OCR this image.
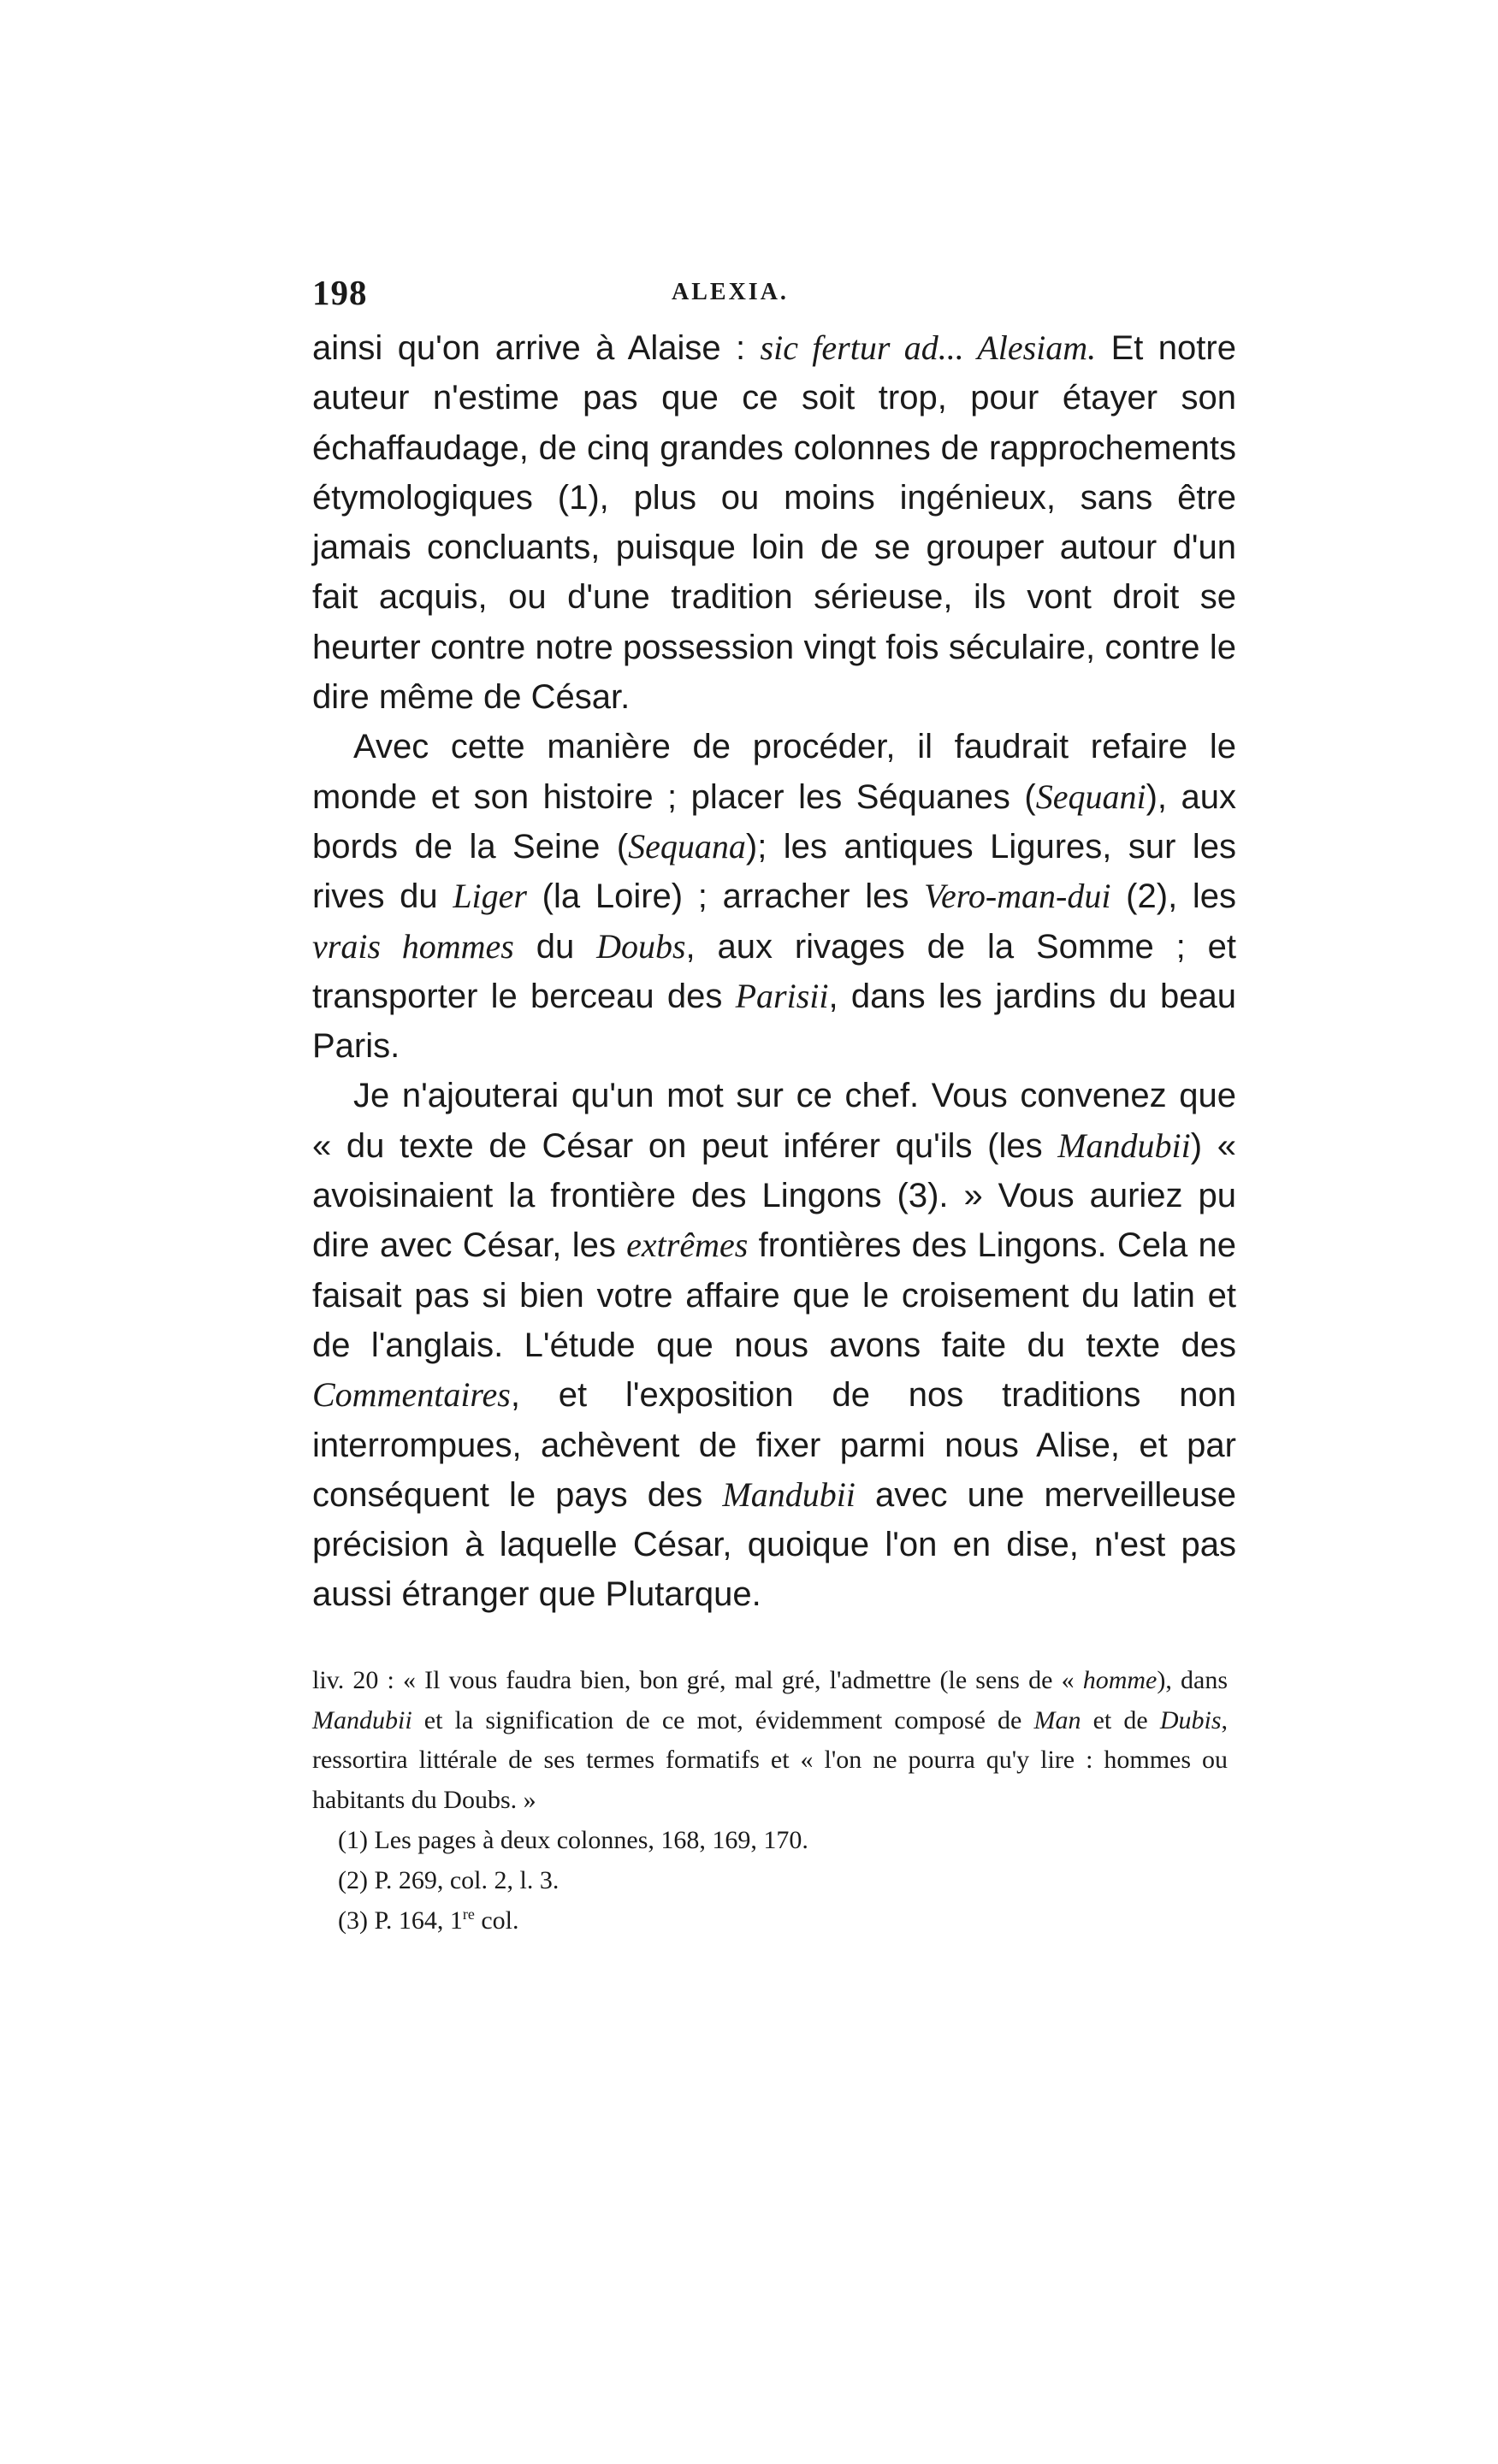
198	ALEXIA.

ainsi qu'on arrive à Alaise : sic fertur ad... Alesiam. Et notre auteur n'estime pas que ce soit trop, pour étayer son échaffaudage, de cinq grandes colonnes de rapprochements étymologiques (1), plus ou moins ingénieux, sans être jamais concluants, puisque loin de se grouper autour d'un fait acquis, ou d'une tradition sérieuse, ils vont droit se heurter contre notre possession vingt fois séculaire, contre le dire même de César.

Avec cette manière de procéder, il faudrait refaire le monde et son histoire ; placer les Séquanes (Sequani), aux bords de la Seine (Sequana); les antiques Ligures, sur les rives du Liger (la Loire) ; arracher les Vero-man-dui (2), les vrais hommes du Doubs, aux rivages de la Somme ; et transporter le berceau des Parisii, dans les jardins du beau Paris.

Je n'ajouterai qu'un mot sur ce chef. Vous convenez que « du texte de César on peut inférer qu'ils (les Mandubii) « avoisinaient la frontière des Lingons (3). » Vous auriez pu dire avec César, les extrêmes frontières des Lingons. Cela ne faisait pas si bien votre affaire que le croisement du latin et de l'anglais. L'étude que nous avons faite du texte des Commentaires, et l'exposition de nos traditions non interrompues, achèvent de fixer parmi nous Alise, et par conséquent le pays des Mandubii avec une merveilleuse précision à laquelle César, quoique l'on en dise, n'est pas aussi étranger que Plutarque.

liv. 20 : « Il vous faudra bien, bon gré, mal gré, l'admettre (le sens de « homme), dans Mandubii et la signification de ce mot, évidemment composé de Man et de Dubis, ressortira littérale de ses termes formatifs et « l'on ne pourra qu'y lire : hommes ou habitants du Doubs. »

(1) Les pages à deux colonnes, 168, 169, 170.

(2) P. 269, col. 2, l. 3.

(3) P. 164, 1re col.
